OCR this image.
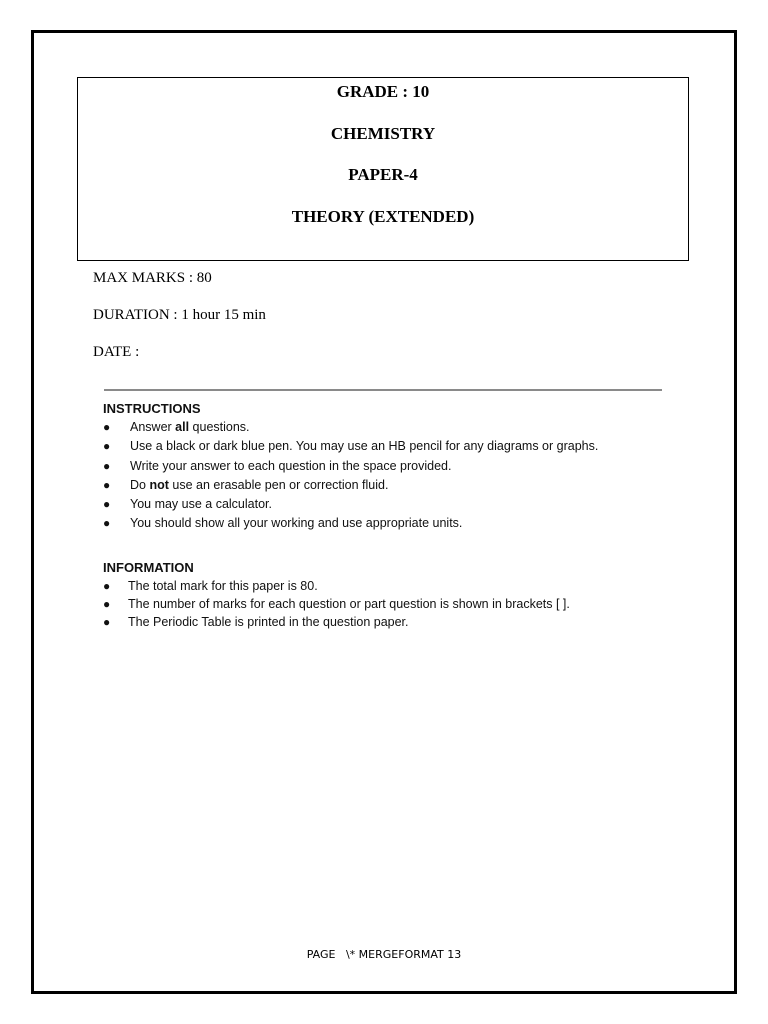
GRADE : 10
CHEMISTRY
PAPER-4
THEORY (EXTENDED)
MAX MARKS : 80
DURATION : 1 hour 15 min
DATE :
INSTRUCTIONS
● Answer all questions.
● Use a black or dark blue pen. You may use an HB pencil for any diagrams or graphs.
● Write your answer to each question in the space provided.
● Do not use an erasable pen or correction fluid.
● You may use a calculator.
● You should show all your working and use appropriate units.
INFORMATION
● The total mark for this paper is 80.
● The number of marks for each question or part question is shown in brackets [ ].
● The Periodic Table is printed in the question paper.
PAGE   \* MERGEFORMAT 13
